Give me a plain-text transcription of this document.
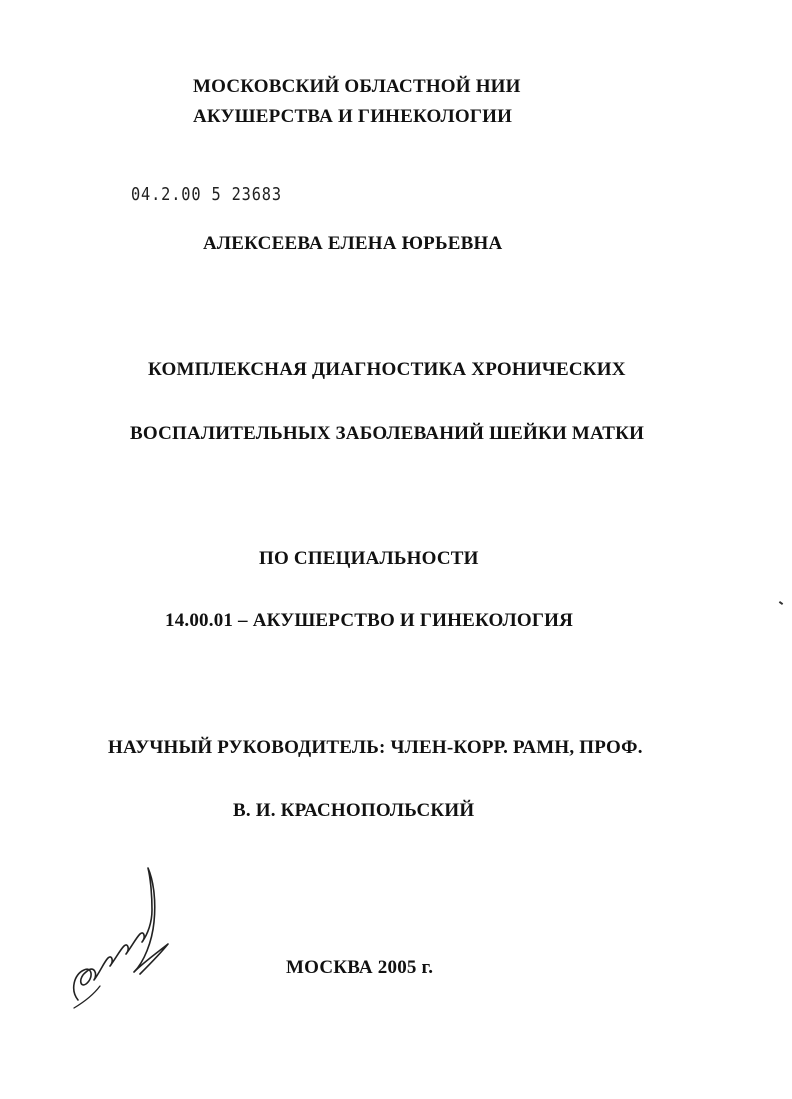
МОСКОВСКИЙ ОБЛАСТНОЙ НИИ

АКУШЕРСТВА И ГИНЕКОЛОГИИ

04.2.00 5 23683

АЛЕКСЕЕВА ЕЛЕНА ЮРЬЕВНА

КОМПЛЕКСНАЯ ДИАГНОСТИКА ХРОНИЧЕСКИХ

ВОСПАЛИТЕЛЬНЫХ ЗАБОЛЕВАНИЙ ШЕЙКИ МАТКИ

ПО СПЕЦИАЛЬНОСТИ

14.00.01 – АКУШЕРСТВО И ГИНЕКОЛОГИЯ

НАУЧНЫЙ РУКОВОДИТЕЛЬ: ЧЛЕН-КОРР. РАМН, ПРОФ.

В. И. КРАСНОПОЛЬСКИЙ

МОСКВА 2005 г.
